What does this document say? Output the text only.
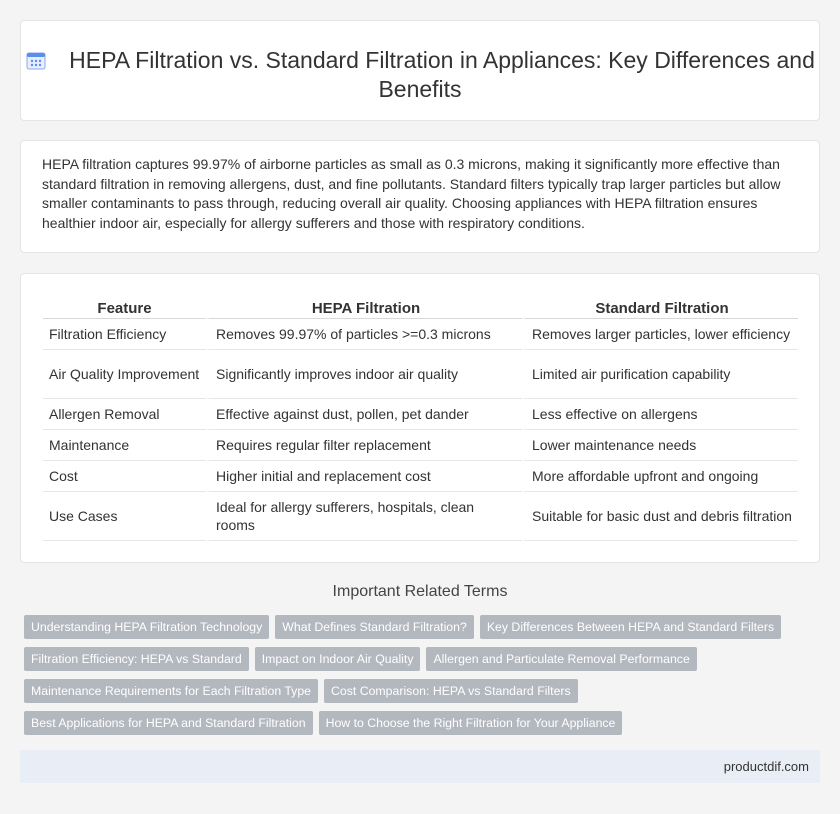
HEPA Filtration vs. Standard Filtration in Appliances: Key Differences and Benefits

HEPA filtration captures 99.97% of airborne particles as small as 0.3 microns, making it significantly more effective than standard filtration in removing allergens, dust, and fine pollutants. Standard filters typically trap larger particles but allow smaller contaminants to pass through, reducing overall air quality. Choosing appliances with HEPA filtration ensures healthier indoor air, especially for allergy sufferers and those with respiratory conditions.

Feature	HEPA Filtration	Standard Filtration
Filtration Efficiency	Removes 99.97% of particles >=0.3 microns	Removes larger particles, lower efficiency
Air Quality Improvement	Significantly improves indoor air quality	Limited air purification capability
Allergen Removal	Effective against dust, pollen, pet dander	Less effective on allergens
Maintenance	Requires regular filter replacement	Lower maintenance needs
Cost	Higher initial and replacement cost	More affordable upfront and ongoing
Use Cases	Ideal for allergy sufferers, hospitals, clean rooms	Suitable for basic dust and debris filtration
Important Related Terms
Understanding HEPA Filtration Technology What Defines Standard Filtration? Key Differences Between HEPA and Standard Filters
Filtration Efficiency: HEPA vs Standard Impact on Indoor Air Quality Allergen and Particulate Removal Performance
Maintenance Requirements for Each Filtration Type Cost Comparison: HEPA vs Standard Filters
Best Applications for HEPA and Standard Filtration How to Choose the Right Filtration for Your Appliance
productdif.com
